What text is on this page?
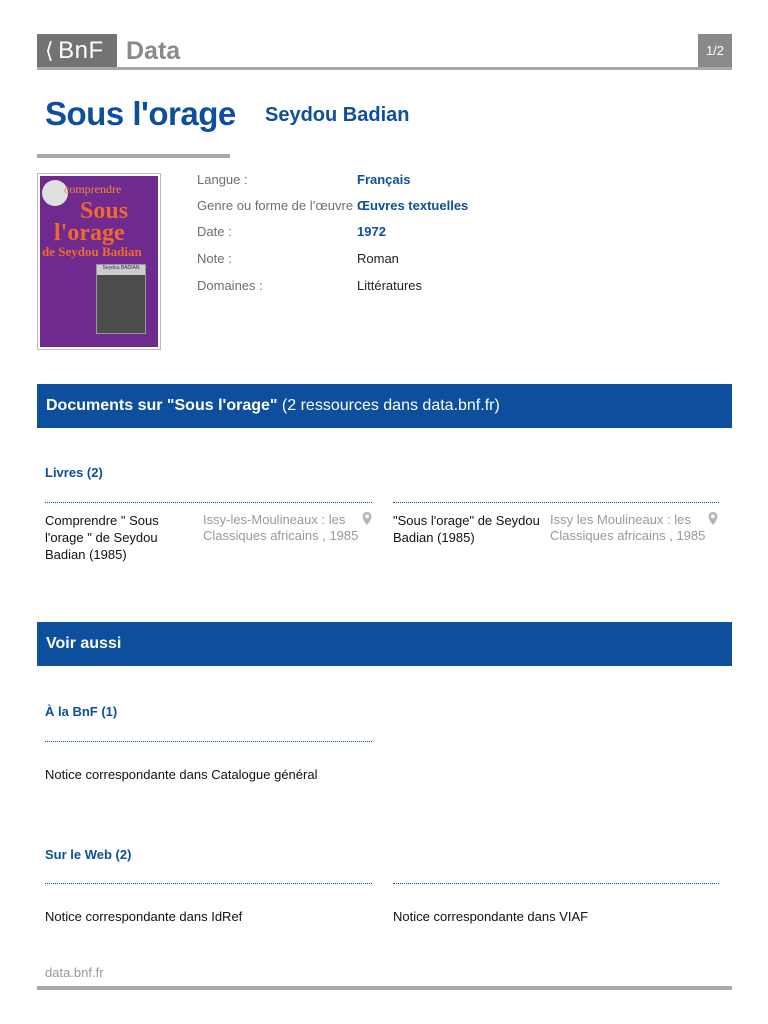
⟨ BnF Data	1/2
Sous l'orage Seydou Badian
comprendre
Sous
l'orage
de Seydou Badian
Seydou BADIAN
Langue :	Français
Genre ou forme de l’œuvre :
Œuvres textuelles
Date :	1972
Note :	Roman
Domaines :	Littératures
Documents sur "Sous l'orage" (2 ressources dans data.bnf.fr)
Livres (2)
Comprendre " Sous l'orage " de Seydou Badian (1985)
Issy-les-Moulineaux : les Classiques africains , 1985
"Sous l'orage" de Seydou Badian (1985)
Issy les Moulineaux : les Classiques africains , 1985
Voir aussi
À la BnF (1)
Notice correspondante dans Catalogue général
Sur le Web (2)
Notice correspondante dans IdRef	Notice correspondante dans VIAF
data.bnf.fr
